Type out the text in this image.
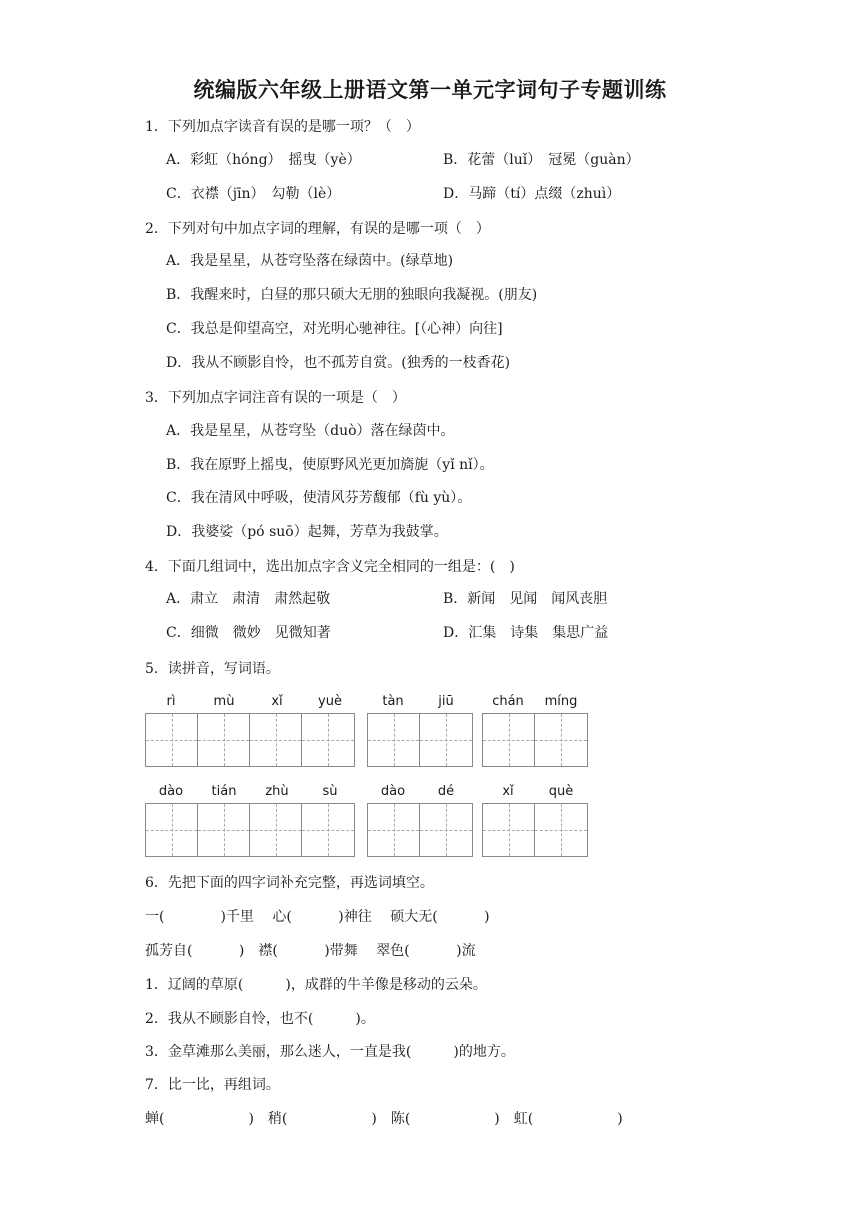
统编版六年级上册语文第一单元字词句子专题训练
1．下列加点字读音有误的是哪一项？（　）
A．彩虹（hóng）　摇曳（yè）	B．花蕾（luǐ）　冠冕（guàn）
C．衣襟（jīn）　勾勒（lè）	D．马蹄（tí）点缀（zhuì）
2．下列对句中加点字词的理解，有误的是哪一项（　）
A．我是星星，从苍穹坠落在绿茵中。(绿草地)
B．我醒来时，白昼的那只硕大无朋的独眼向我凝视。(朋友)
C．我总是仰望高空，对光明心驰神往。[（心神）向往]
D．我从不顾影自怜，也不孤芳自赏。(独秀的一枝香花)
3．下列加点字词注音有误的一项是（　）
A．我是星星，从苍穹坠（duò）落在绿茵中。
B．我在原野上摇曳，使原野风光更加旖旎（yǐ nǐ）。
C．我在清风中呼吸，使清风芬芳馥郁（fù yù）。
D．我婆娑（pó suō）起舞，芳草为我鼓掌。
4．下面几组词中，选出加点字含义完全相同的一组是：(　)
A．肃立　肃清　肃然起敬	B．新闻　见闻　闻风丧胆
C．细微　微妙　见微知著	D．汇集　诗集　集思广益
5．读拼音，写词语。
rì	mù	xǐ	yuè	tàn	jiū	chán	míng
dào	tián	zhù	sù	dào	dé	xǐ	què
6．先把下面的四字词补充完整，再选词填空。
一(　　　　)千里　 心(　　　 )神往　 硕大无(　　　 )
孤芳自(　　　 )　襟(　　　 )带舞　 翠色(　　　 )流
1．辽阔的草原(　　　)，成群的牛羊像是移动的云朵。
2．我从不顾影自怜，也不(　　　)。
3．金草滩那么美丽，那么迷人，一直是我(　　　)的地方。
7．比一比，再组词。
蝉(　　　　　　)　稍(　　　　　　)　陈(　　　　　　)　虹(　　　　　　)
